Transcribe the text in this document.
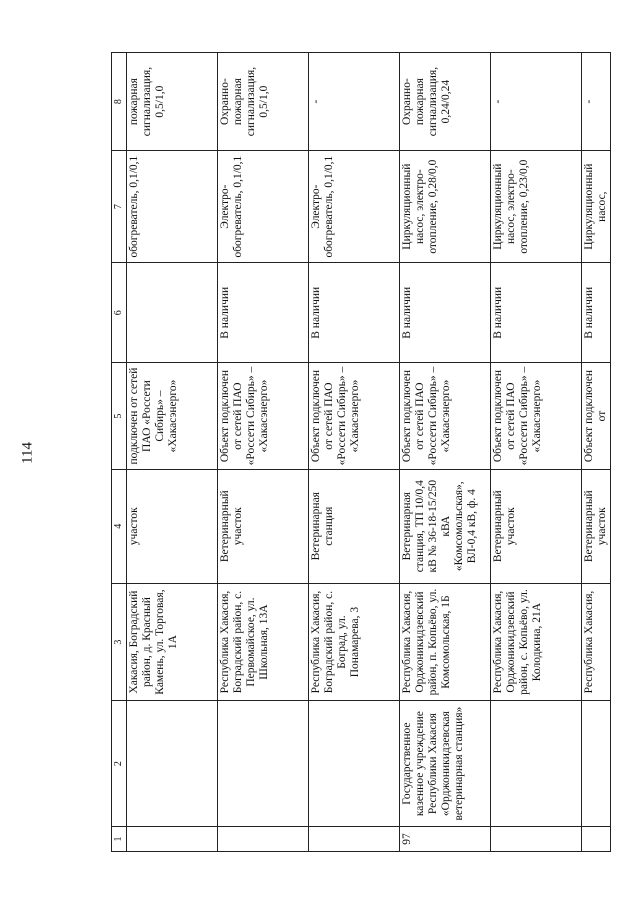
114
1	2	3	4	5	6	7	8
		Хакасия, Боградский район, д. Красный Камень, ул. Торговая, 1А	участок	подключен от сетей ПАО «Россети Сибирь» – «Хакасэнерго»		обогреватель, 0,1/0,1	пожарная сигнализация, 0,5/1,0
		Республика Хакасия, Боградский район, с. Первомайское, ул. Школьная, 13А	Ветеринарный участок	Объект подключен от сетей ПАО «Россети Сибирь» – «Хакасэнерго»	В наличии	Электро-обогреватель, 0,1/0,1	Охранно-пожарная сигнализация, 0,5/1,0
		Республика Хакасия, Боградский район, с. Боград, ул. Понамарева, 3	Ветеринарная станция	Объект подключен от сетей ПАО «Россети Сибирь» – «Хакасэнерго»	В наличии	Электро-обогреватель, 0,1/0,1	-
97	Государственное казенное учреждение Республики Хакасия «Орджоникидзевская ветеринарная станция»	Республика Хакасия, Орджоникидзевский район, п. Копьёво, ул. Комсомольская, 1Б	Ветеринарная станция, ТП 10/0,4 кВ № 36-18-15/250 кВА «Комсомольская», ВЛ-0,4 кВ, ф. 4	Объект подключен от сетей ПАО «Россети Сибирь» – «Хакасэнерго»	В наличии	Циркуляционный насос, электро-отопление, 0,28/0,0	Охранно-пожарная сигнализация, 0,24/0,24
		Республика Хакасия, Орджоникидзевский район, с. Копьёво, ул. Колодкина, 21А	Ветеринарный участок	Объект подключен от сетей ПАО «Россети Сибирь» – «Хакасэнерго»	В наличии	Циркуляционный насос, электро-отопление, 0,23/0,0	-
		Республика Хакасия,	Ветеринарный участок	Объект подключен от	В наличии	Циркуляционный насос,	-
